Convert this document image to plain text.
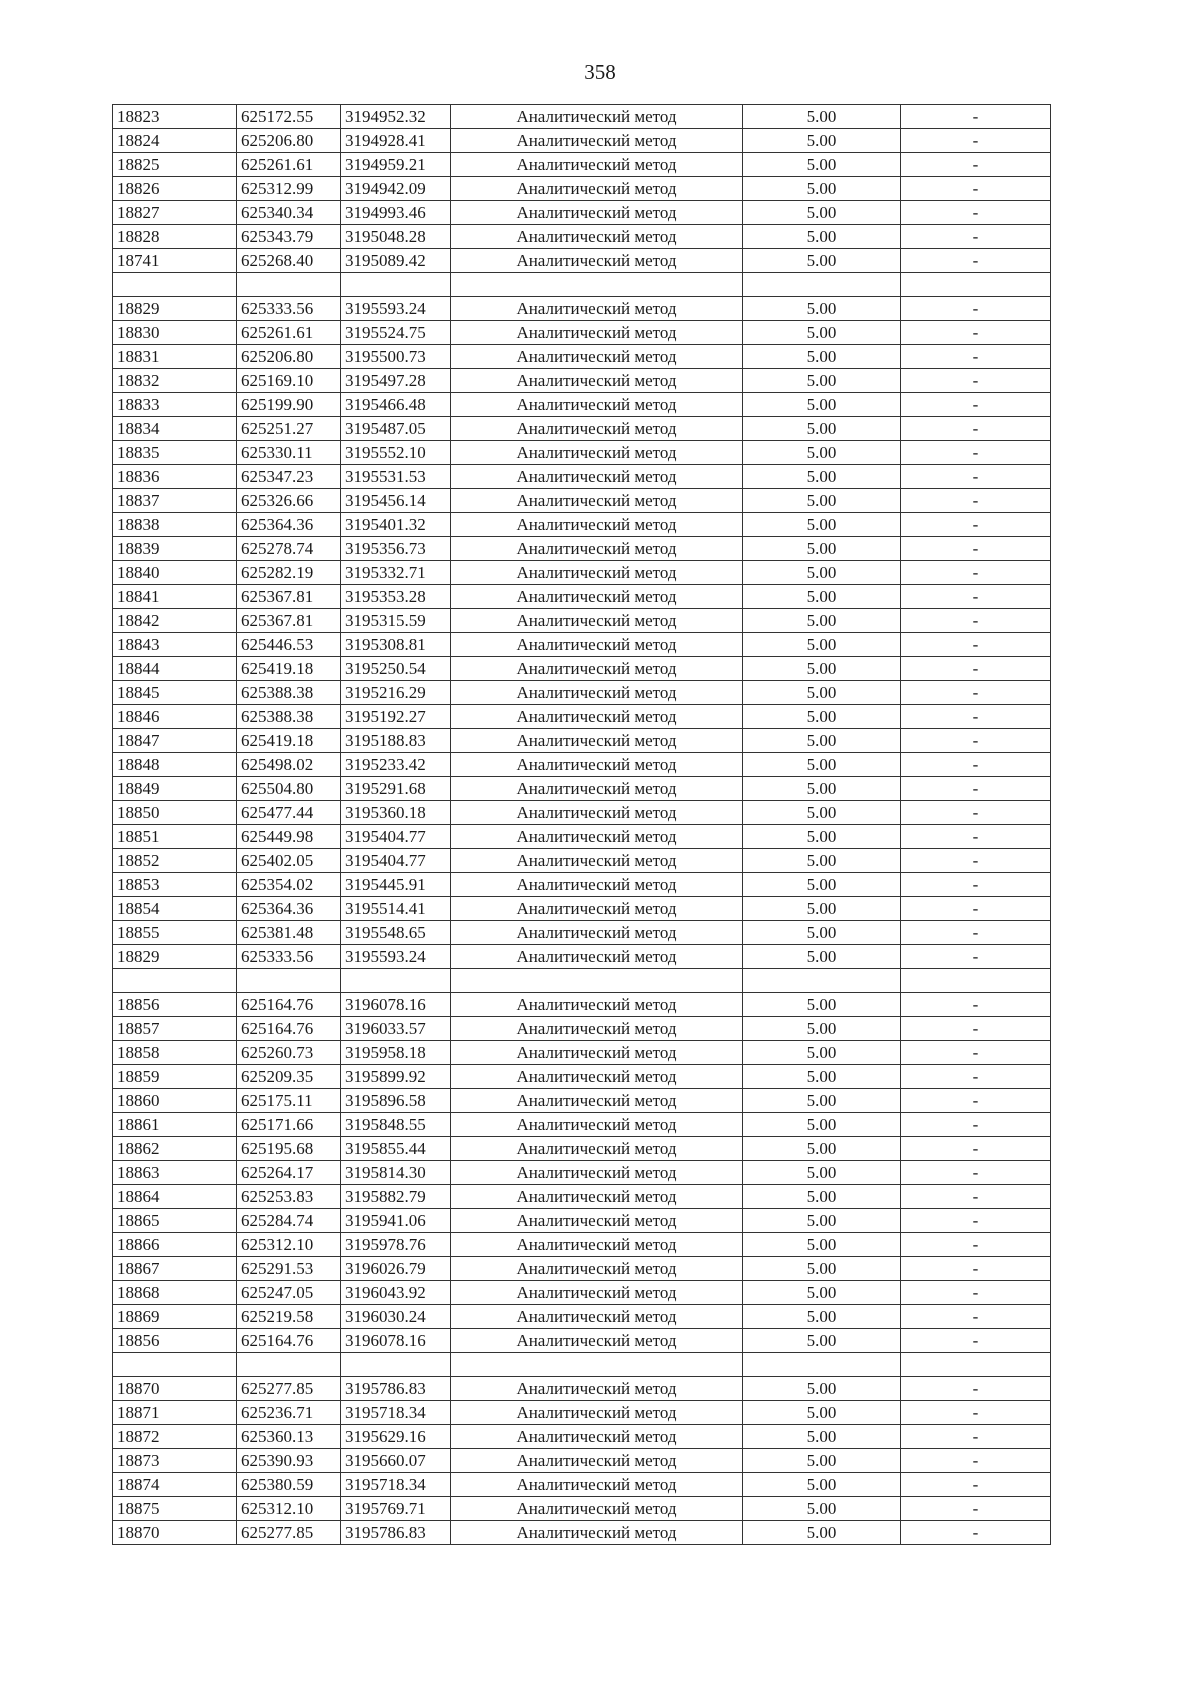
358
18823	625172.55	3194952.32	Аналитический метод	5.00	-
18824	625206.80	3194928.41	Аналитический метод	5.00	-
18825	625261.61	3194959.21	Аналитический метод	5.00	-
18826	625312.99	3194942.09	Аналитический метод	5.00	-
18827	625340.34	3194993.46	Аналитический метод	5.00	-
18828	625343.79	3195048.28	Аналитический метод	5.00	-
18741	625268.40	3195089.42	Аналитический метод	5.00	-

18829	625333.56	3195593.24	Аналитический метод	5.00	-
18830	625261.61	3195524.75	Аналитический метод	5.00	-
18831	625206.80	3195500.73	Аналитический метод	5.00	-
18832	625169.10	3195497.28	Аналитический метод	5.00	-
18833	625199.90	3195466.48	Аналитический метод	5.00	-
18834	625251.27	3195487.05	Аналитический метод	5.00	-
18835	625330.11	3195552.10	Аналитический метод	5.00	-
18836	625347.23	3195531.53	Аналитический метод	5.00	-
18837	625326.66	3195456.14	Аналитический метод	5.00	-
18838	625364.36	3195401.32	Аналитический метод	5.00	-
18839	625278.74	3195356.73	Аналитический метод	5.00	-
18840	625282.19	3195332.71	Аналитический метод	5.00	-
18841	625367.81	3195353.28	Аналитический метод	5.00	-
18842	625367.81	3195315.59	Аналитический метод	5.00	-
18843	625446.53	3195308.81	Аналитический метод	5.00	-
18844	625419.18	3195250.54	Аналитический метод	5.00	-
18845	625388.38	3195216.29	Аналитический метод	5.00	-
18846	625388.38	3195192.27	Аналитический метод	5.00	-
18847	625419.18	3195188.83	Аналитический метод	5.00	-
18848	625498.02	3195233.42	Аналитический метод	5.00	-
18849	625504.80	3195291.68	Аналитический метод	5.00	-
18850	625477.44	3195360.18	Аналитический метод	5.00	-
18851	625449.98	3195404.77	Аналитический метод	5.00	-
18852	625402.05	3195404.77	Аналитический метод	5.00	-
18853	625354.02	3195445.91	Аналитический метод	5.00	-
18854	625364.36	3195514.41	Аналитический метод	5.00	-
18855	625381.48	3195548.65	Аналитический метод	5.00	-
18829	625333.56	3195593.24	Аналитический метод	5.00	-

18856	625164.76	3196078.16	Аналитический метод	5.00	-
18857	625164.76	3196033.57	Аналитический метод	5.00	-
18858	625260.73	3195958.18	Аналитический метод	5.00	-
18859	625209.35	3195899.92	Аналитический метод	5.00	-
18860	625175.11	3195896.58	Аналитический метод	5.00	-
18861	625171.66	3195848.55	Аналитический метод	5.00	-
18862	625195.68	3195855.44	Аналитический метод	5.00	-
18863	625264.17	3195814.30	Аналитический метод	5.00	-
18864	625253.83	3195882.79	Аналитический метод	5.00	-
18865	625284.74	3195941.06	Аналитический метод	5.00	-
18866	625312.10	3195978.76	Аналитический метод	5.00	-
18867	625291.53	3196026.79	Аналитический метод	5.00	-
18868	625247.05	3196043.92	Аналитический метод	5.00	-
18869	625219.58	3196030.24	Аналитический метод	5.00	-
18856	625164.76	3196078.16	Аналитический метод	5.00	-

18870	625277.85	3195786.83	Аналитический метод	5.00	-
18871	625236.71	3195718.34	Аналитический метод	5.00	-
18872	625360.13	3195629.16	Аналитический метод	5.00	-
18873	625390.93	3195660.07	Аналитический метод	5.00	-
18874	625380.59	3195718.34	Аналитический метод	5.00	-
18875	625312.10	3195769.71	Аналитический метод	5.00	-
18870	625277.85	3195786.83	Аналитический метод	5.00	-
